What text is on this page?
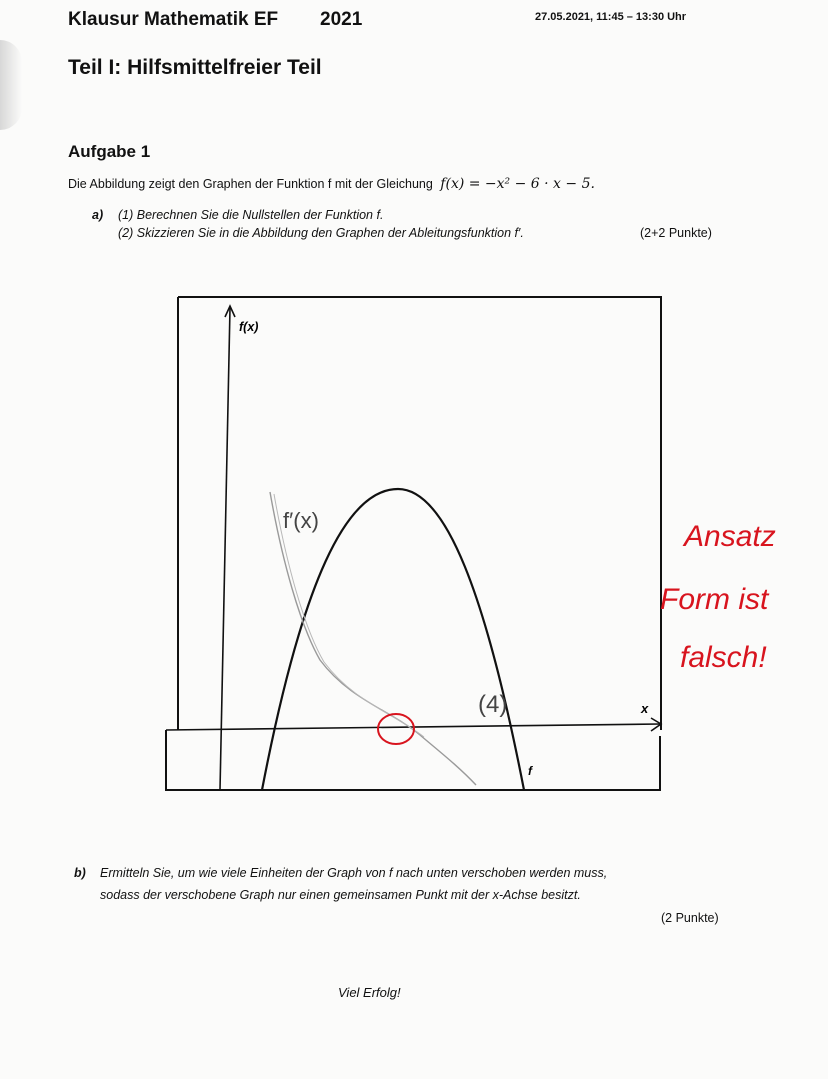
Klausur Mathematik EF 2021	27.05.2021, 11:45 – 13:30 Uhr
Teil I: Hilfsmittelfreier Teil
Aufgabe 1
Die Abbildung zeigt den Graphen der Funktion f mit der Gleichung f(x) = −x² − 6 · x − 5.
a) (1) Berechnen Sie die Nullstellen der Funktion f.
(2) Skizzieren Sie in die Abbildung den Graphen der Ableitungsfunktion f′.	(2+2 Punkte)
f(x)
x
f
f′(x)
(4)
Ansatz
Form ist
falsch!
b) Ermitteln Sie, um wie viele Einheiten der Graph von f nach unten verschoben werden muss,
sodass der verschobene Graph nur einen gemeinsamen Punkt mit der x-Achse besitzt.
(2 Punkte)
Viel Erfolg!
